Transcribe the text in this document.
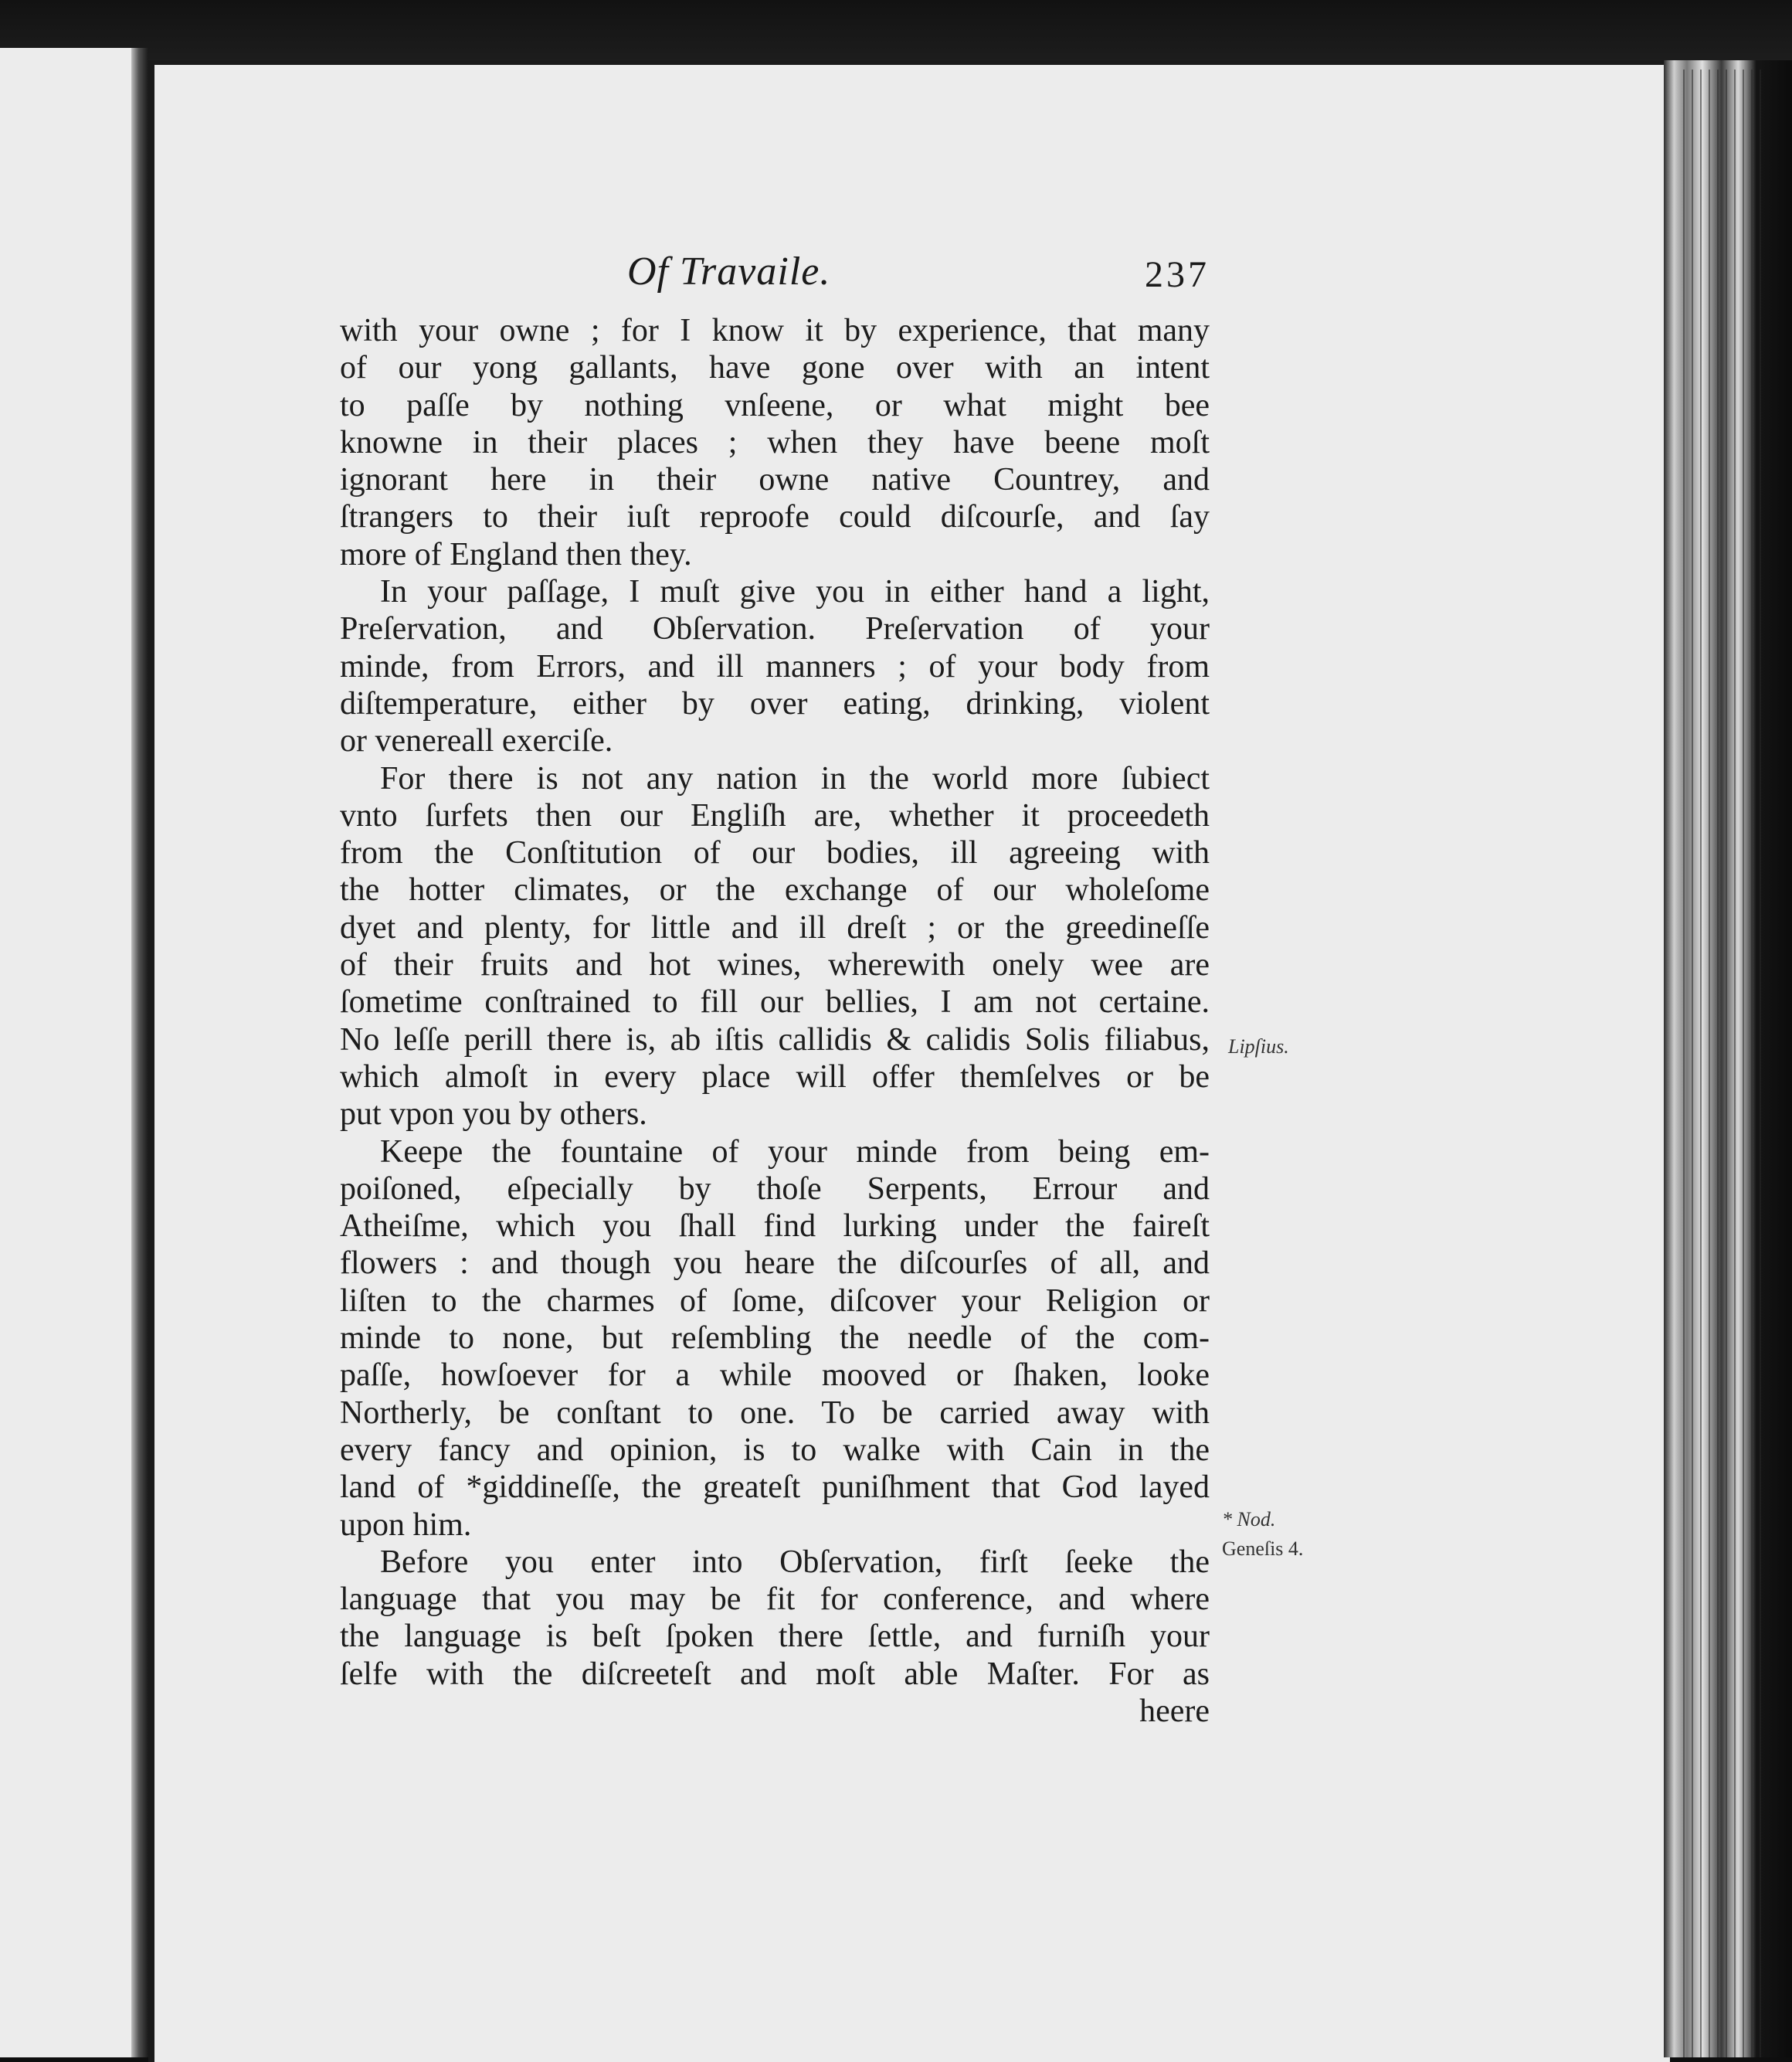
Of Travaile.	237
with your owne ; for I know it by experience, that many
of our yong gallants, have gone over with an intent
to paſſe by nothing vnſeene, or what might bee
knowne in their places ; when they have beene moſt
ignorant here in their owne native Countrey, and
ſtrangers to their iuſt reproofe could diſcourſe, and ſay
more of England then they.
In your paſſage, I muſt give you in either hand a light,
Preſervation, and Obſervation. Preſervation of your
minde, from Errors, and ill manners ; of your body from
diſtemperature, either by over eating, drinking, violent
or venereall exerciſe.
For there is not any nation in the world more ſubiect
vnto ſurfets then our Engliſh are, whether it proceedeth
from the Conſtitution of our bodies, ill agreeing with
the hotter climates, or the exchange of our wholeſome
dyet and plenty, for little and ill dreſt ; or the greedineſſe
of their fruits and hot wines, wherewith onely wee are
ſometime conſtrained to fill our bellies, I am not certaine.
No leſſe perill there is, ab iſtis callidis & calidis Solis filiabus,
which almoſt in every place will offer themſelves or be
put vpon you by others.
Keepe the fountaine of your minde from being em-
poiſoned, eſpecially by thoſe Serpents, Errour and
Atheiſme, which you ſhall find lurking under the faireſt
flowers : and though you heare the diſcourſes of all, and
liſten to the charmes of ſome, diſcover your Religion or
minde to none, but reſembling the needle of the com-
paſſe, howſoever for a while mooved or ſhaken, looke
Northerly, be conſtant to one. To be carried away with
every fancy and opinion, is to walke with Cain in the
land of *giddineſſe, the greateſt puniſhment that God layed
upon him.
Before you enter into Obſervation, firſt ſeeke the
language that you may be fit for conference, and where
the language is beſt ſpoken there ſettle, and furniſh your
ſelfe with the diſcreeteſt and moſt able Maſter. For as
heere
Lipſius.
* Nod.
Geneſis 4.
